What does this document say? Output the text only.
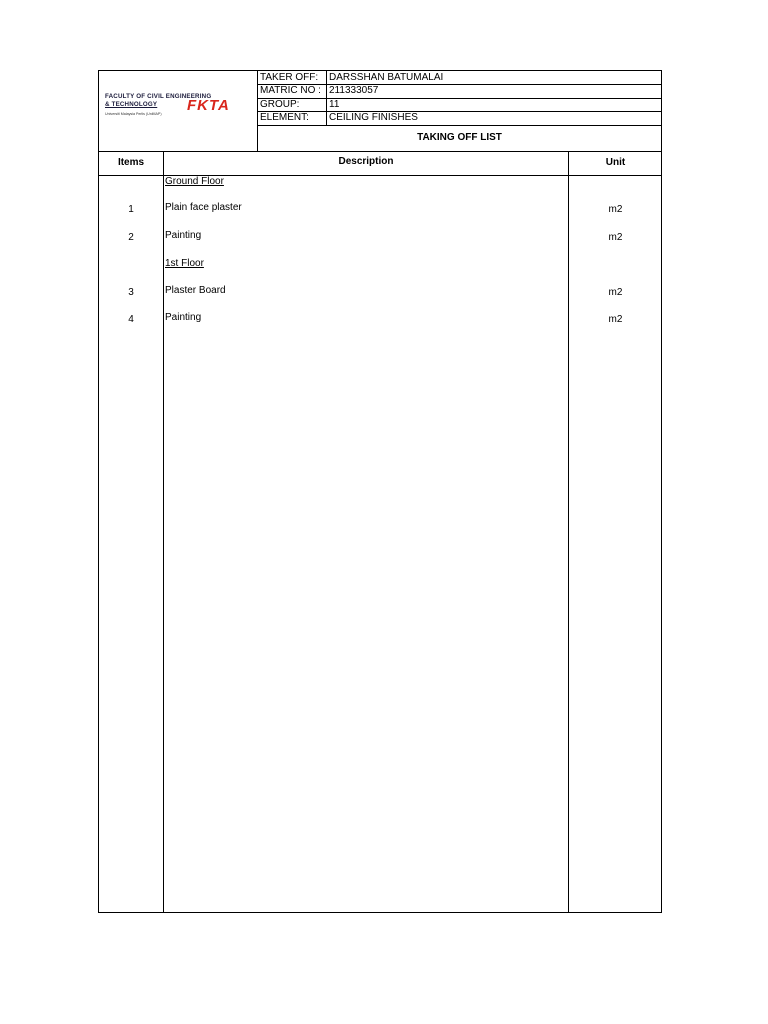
FACULTY OF CIVIL ENGINEERING
& TECHNOLOGY FKTA
Universiti Malaysia Perlis (UniMAP)
TAKER OFF: DARSSHAN BATUMALAI
MATRIC NO : 211333057
GROUP:	11
ELEMENT: CEILING FINISHES
TAKING OFF LIST
Items	Description	Unit
Ground Floor
1	Plain face plaster	m2
2	Painting	m2
1st Floor
3	Plaster Board	m2
4	Painting	m2
